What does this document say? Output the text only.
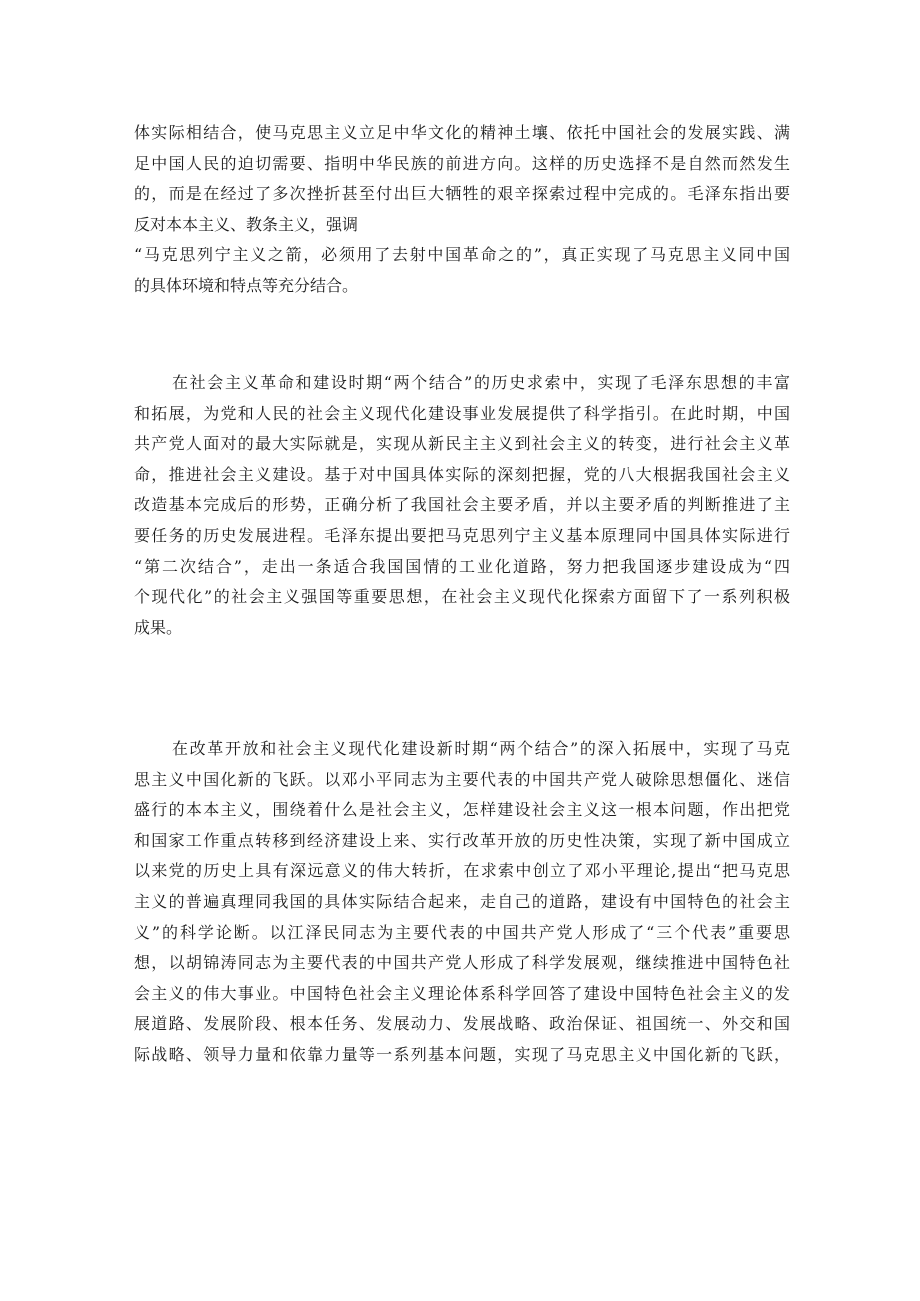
体实际相结合，使马克思主义立足中华文化的精神土壤、依托中国社会的发展实践、满
足中国人民的迫切需要、指明中华民族的前进方向。这样的历史选择不是自然而然发生
的，而是在经过了多次挫折甚至付出巨大牺牲的艰辛探索过程中完成的。毛泽东指出要
反对本本主义、教条主义，强调
“马克思列宁主义之箭，必须用了去射中国革命之的”，真正实现了马克思主义同中国
的具体环境和特点等充分结合。
在社会主义革命和建设时期“两个结合”的历史求索中，实现了毛泽东思想的丰富
和拓展，为党和人民的社会主义现代化建设事业发展提供了科学指引。在此时期，中国
共产党人面对的最大实际就是，实现从新民主主义到社会主义的转变，进行社会主义革
命，推进社会主义建设。基于对中国具体实际的深刻把握，党的八大根据我国社会主义
改造基本完成后的形势，正确分析了我国社会主要矛盾，并以主要矛盾的判断推进了主
要任务的历史发展进程。毛泽东提出要把马克思列宁主义基本原理同中国具体实际进行
“第二次结合”，走出一条适合我国国情的工业化道路，努力把我国逐步建设成为“四
个现代化”的社会主义强国等重要思想，在社会主义现代化探索方面留下了一系列积极
成果。
在改革开放和社会主义现代化建设新时期“两个结合”的深入拓展中，实现了马克
思主义中国化新的飞跃。以邓小平同志为主要代表的中国共产党人破除思想僵化、迷信
盛行的本本主义，围绕着什么是社会主义，怎样建设社会主义这一根本问题，作出把党
和国家工作重点转移到经济建设上来、实行改革开放的历史性决策，实现了新中国成立
以来党的历史上具有深远意义的伟大转折，在求索中创立了邓小平理论,提出“把马克思
主义的普遍真理同我国的具体实际结合起来，走自己的道路，建设有中国特色的社会主
义”的科学论断。以江泽民同志为主要代表的中国共产党人形成了“三个代表”重要思
想，以胡锦涛同志为主要代表的中国共产党人形成了科学发展观，继续推进中国特色社
会主义的伟大事业。中国特色社会主义理论体系科学回答了建设中国特色社会主义的发
展道路、发展阶段、根本任务、发展动力、发展战略、政治保证、祖国统一、外交和国
际战略、领导力量和依靠力量等一系列基本问题，实现了马克思主义中国化新的飞跃，
